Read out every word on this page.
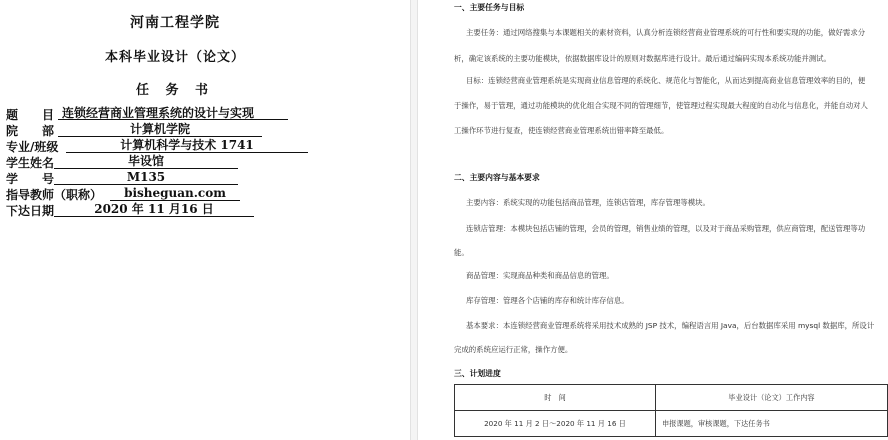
河南工程学院
本科毕业设计（论文）
任 务 书
题　　目 连锁经营商业管理系统的设计与实现
院　　部	计算机学院
专业/班级	计算机科学与技术 1741
学生姓名	毕设馆
学　　号	M135
指导教师（职称）	bisheguan.com
下达日期	2020 年 11 月16 日
一、主要任务与目标
主要任务：通过网络搜集与本课题相关的素材资料，认真分析连锁经营商业管理系统的可行性和要实现的功能，做好需求分
析，确定该系统的主要功能模块，依据数据库设计的原则对数据库进行设计。最后通过编码实现本系统功能并测试。
目标：连锁经营商业管理系统是实现商业信息管理的系统化、规范化与智能化，从而达到提高商业信息管理效率的目的，便
于操作，易于管理，通过功能模块的优化组合实现不同的管理细节，使管理过程实现最大程度的自动化与信息化，并能自动对人
工操作环节进行复查，使连锁经营商业管理系统出错率降至最低。
二、主要内容与基本要求
主要内容：系统实现的功能包括商品管理，连锁店管理，库存管理等模块。
连锁店管理：本模块包括店铺的管理，会员的管理，销售业绩的管理，以及对于商品采购管理，供应商管理，配送管理等功
能。
商品管理：实现商品种类和商品信息的管理。
库存管理：管理各个店铺的库存和统计库存信息。
基本要求：本连锁经营商业管理系统将采用技术成熟的 JSP 技术，编程语言用 Java，后台数据库采用 mysql 数据库，所设计
完成的系统应运行正常，操作方便。
三、计划进度
时　间	毕业设计（论文）工作内容
2020 年 11 月 2 日～2020 年 11 月 16 日	申报课题，审核课题，下达任务书
